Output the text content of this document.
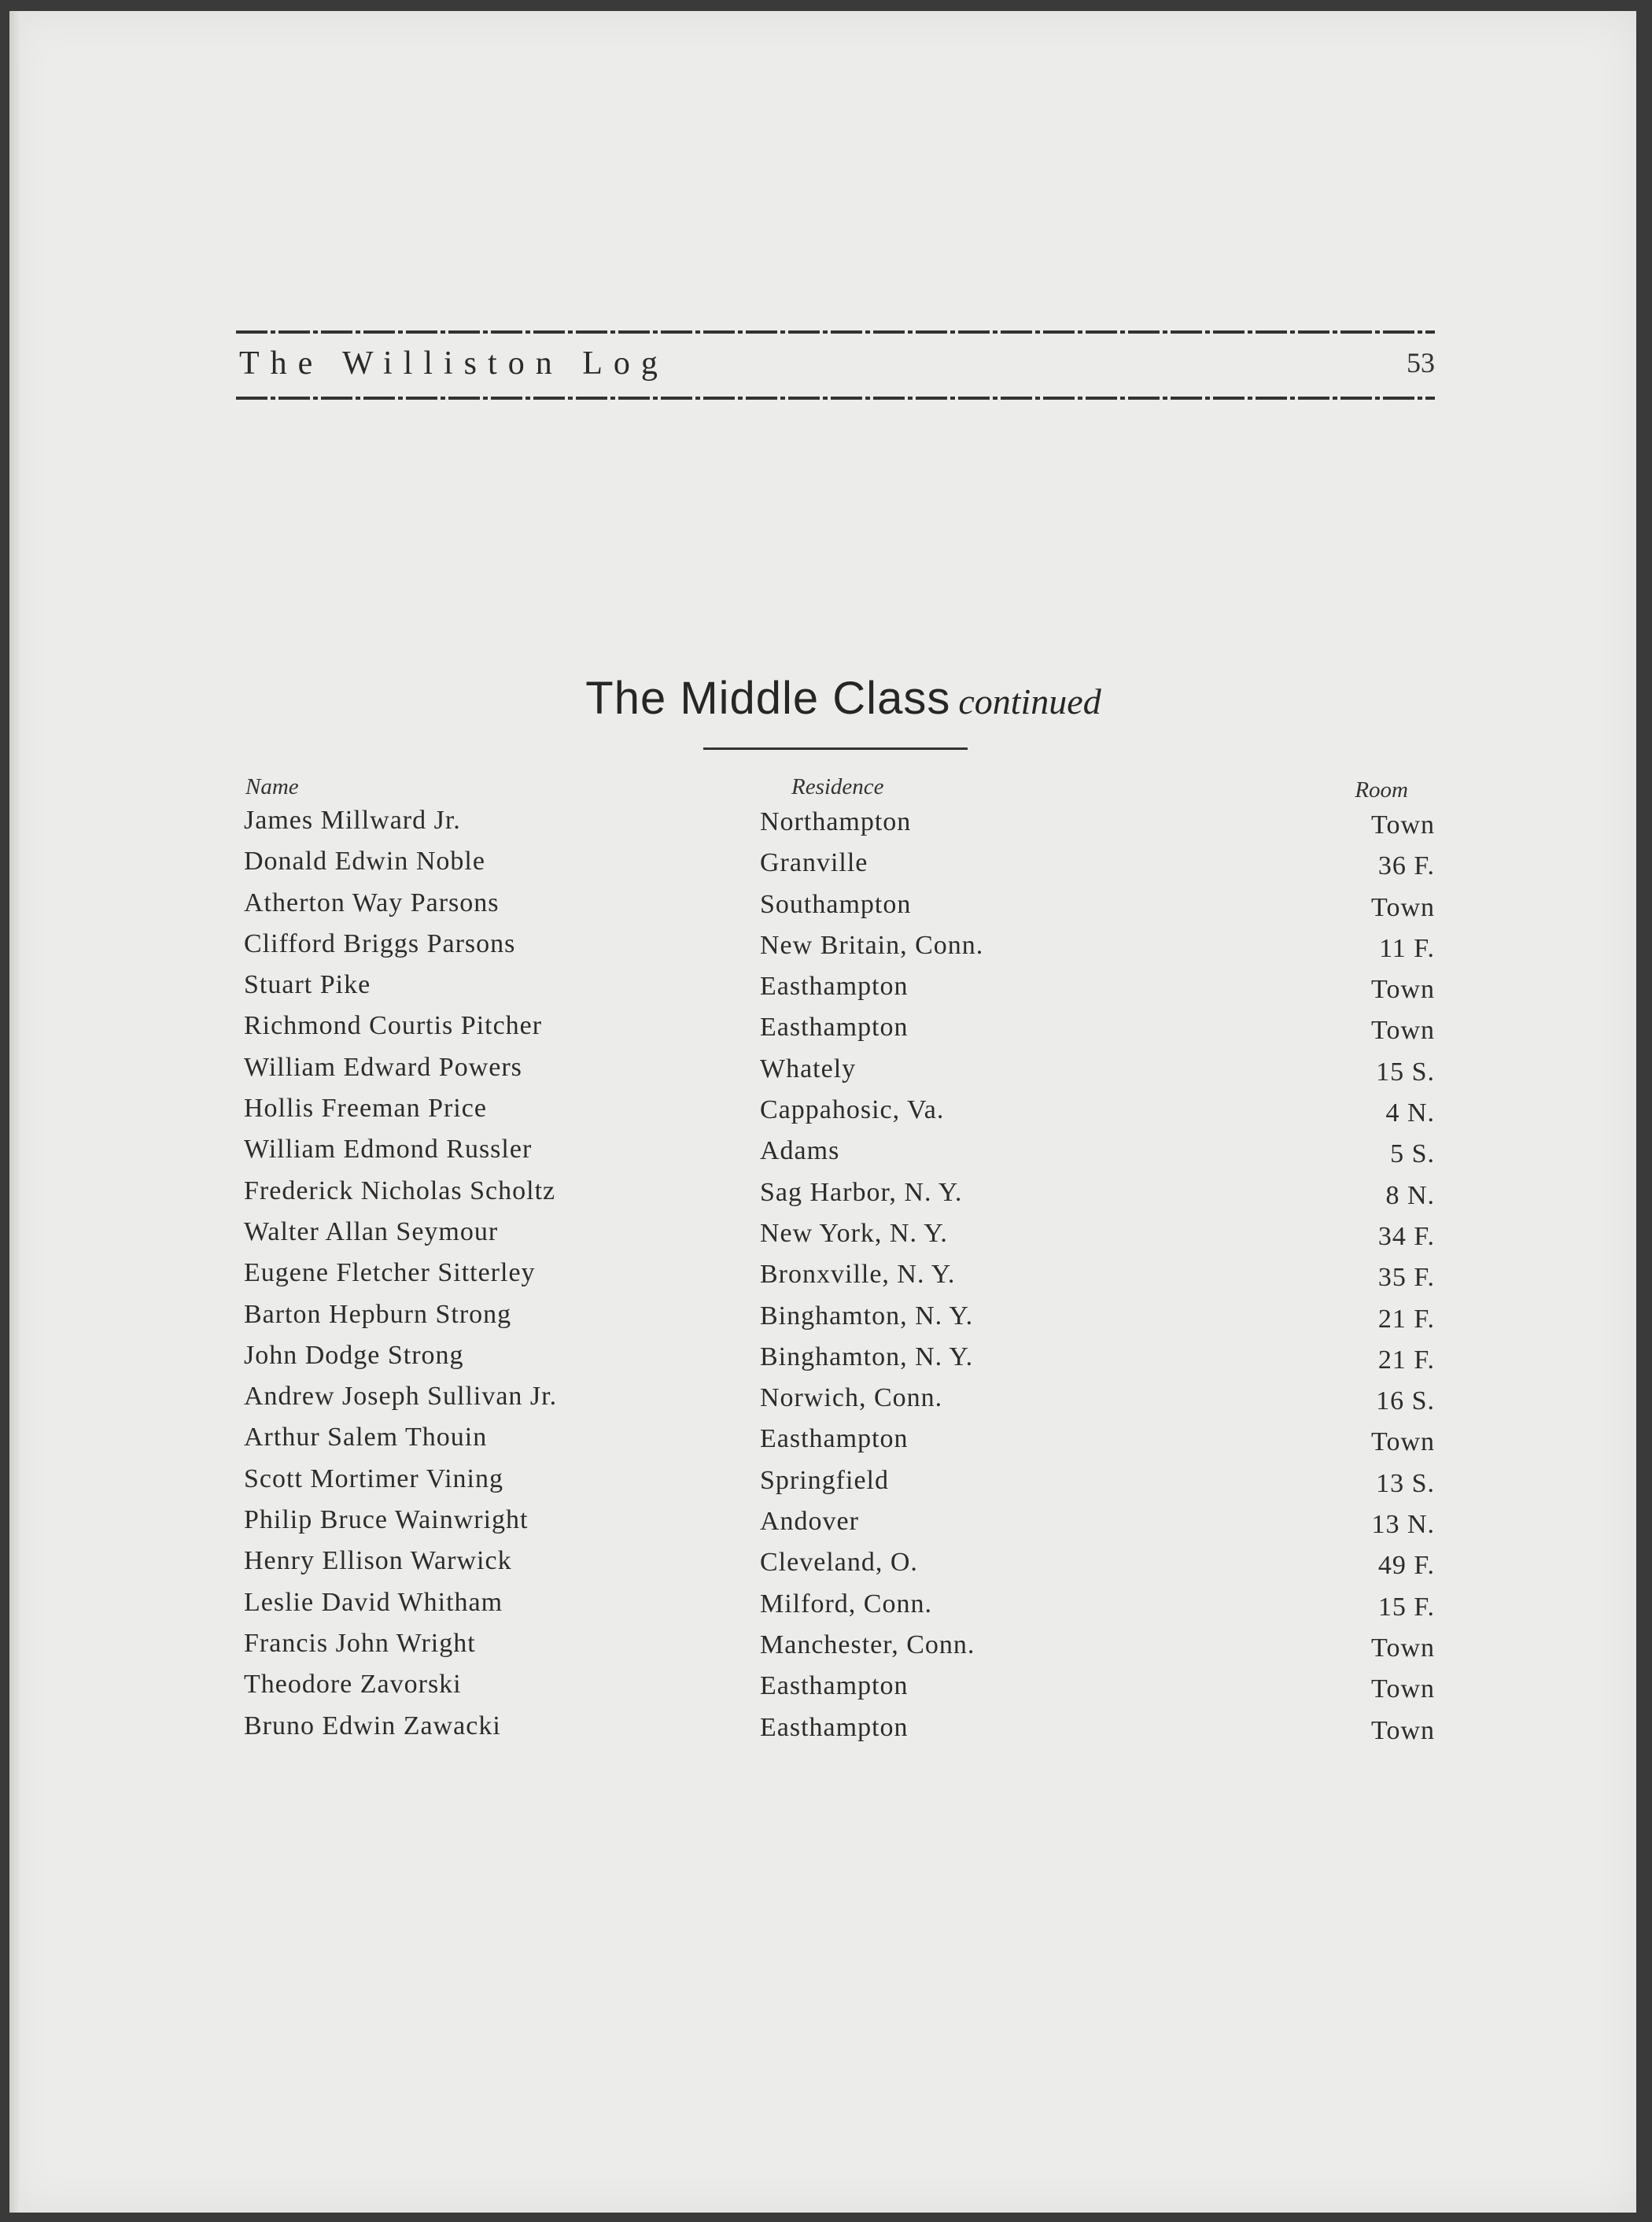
The Williston Log	53
The Middle Class continued
Name	Residence	Room
James Millward Jr.	Northampton	Town
Donald Edwin Noble	Granville	36 F.
Atherton Way Parsons	Southampton	Town
Clifford Briggs Parsons	New Britain, Conn.	11 F.
Stuart Pike	Easthampton	Town
Richmond Courtis Pitcher	Easthampton	Town
William Edward Powers	Whately	15 S.
Hollis Freeman Price	Cappahosic, Va.	4 N.
William Edmond Russler	Adams	5 S.
Frederick Nicholas Scholtz	Sag Harbor, N. Y.	8 N.
Walter Allan Seymour	New York, N. Y.	34 F.
Eugene Fletcher Sitterley	Bronxville, N. Y.	35 F.
Barton Hepburn Strong	Binghamton, N. Y.	21 F.
John Dodge Strong	Binghamton, N. Y.	21 F.
Andrew Joseph Sullivan Jr.	Norwich, Conn.	16 S.
Arthur Salem Thouin	Easthampton	Town
Scott Mortimer Vining	Springfield	13 S.
Philip Bruce Wainwright	Andover	13 N.
Henry Ellison Warwick	Cleveland, O.	49 F.
Leslie David Whitham	Milford, Conn.	15 F.
Francis John Wright	Manchester, Conn.	Town
Theodore Zavorski	Easthampton	Town
Bruno Edwin Zawacki	Easthampton	Town
